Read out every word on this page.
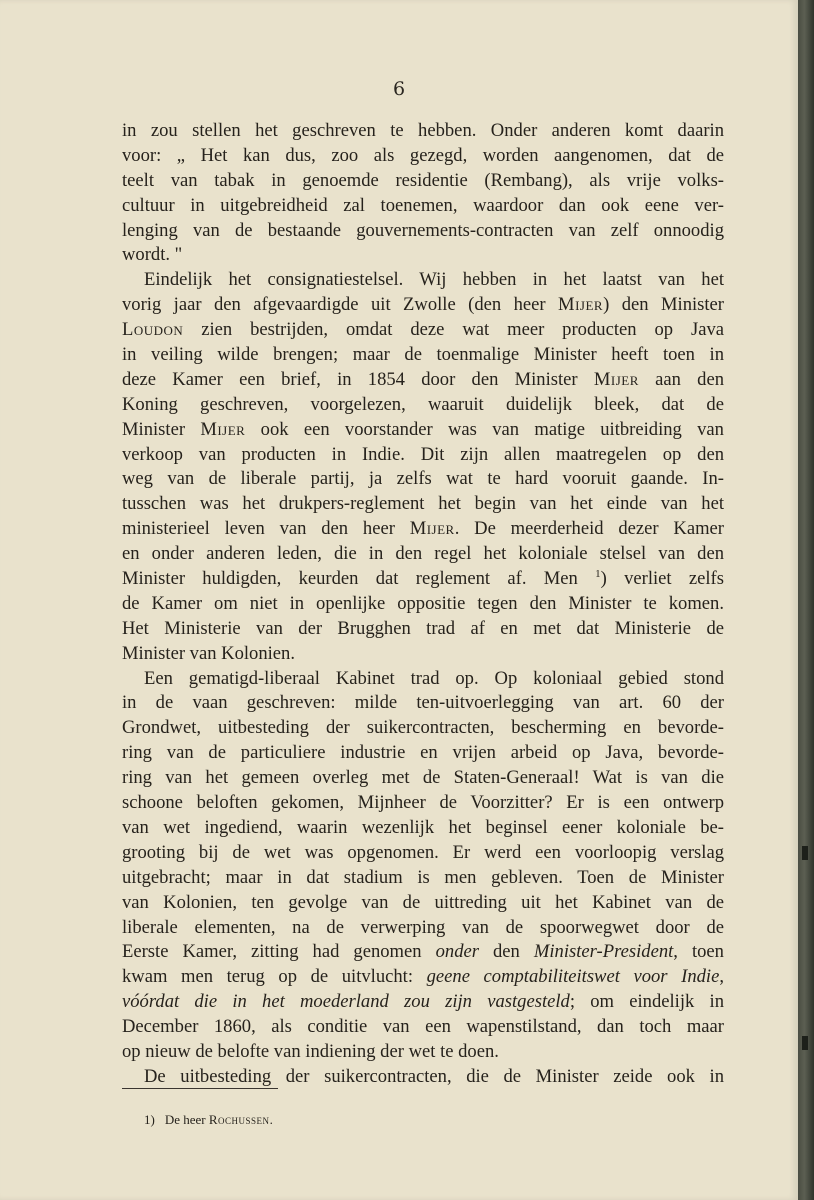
6
in zou stellen het geschreven te hebben. Onder anderen komt daarin
voor: „ Het kan dus, zoo als gezegd, worden aangenomen, dat de
teelt van tabak in genoemde residentie (Rembang), als vrije volks-
cultuur in uitgebreidheid zal toenemen, waardoor dan ook eene ver-
lenging van de bestaande gouvernements-contracten van zelf onnoodig
wordt. "
Eindelijk het consignatiestelsel. Wij hebben in het laatst van het
vorig jaar den afgevaardigde uit Zwolle (den heer Mijer) den Minister
Loudon zien bestrijden, omdat deze wat meer producten op Java
in veiling wilde brengen; maar de toenmalige Minister heeft toen in
deze Kamer een brief, in 1854 door den Minister Mijer aan den
Koning geschreven, voorgelezen, waaruit duidelijk bleek, dat de
Minister Mijer ook een voorstander was van matige uitbreiding van
verkoop van producten in Indie. Dit zijn allen maatregelen op den
weg van de liberale partij, ja zelfs wat te hard vooruit gaande. In-
tusschen was het drukpers-reglement het begin van het einde van het
ministerieel leven van den heer Mijer. De meerderheid dezer Kamer
en onder anderen leden, die in den regel het koloniale stelsel van den
Minister huldigden, keurden dat reglement af. Men $^1$) verliet zelfs
de Kamer om niet in openlijke oppositie tegen den Minister te komen.
Het Ministerie van der Brugghen trad af en met dat Ministerie de
Minister van Kolonien.
Een gematigd-liberaal Kabinet trad op. Op koloniaal gebied stond
in de vaan geschreven: milde ten-uitvoerlegging van art. 60 der
Grondwet, uitbesteding der suikercontracten, bescherming en bevorde-
ring van de particuliere industrie en vrijen arbeid op Java, bevorde-
ring van het gemeen overleg met de Staten-Generaal! Wat is van die
schoone beloften gekomen, Mijnheer de Voorzitter? Er is een ontwerp
van wet ingediend, waarin wezenlijk het beginsel eener koloniale be-
grooting bij de wet was opgenomen. Er werd een voorloopig verslag
uitgebracht; maar in dat stadium is men gebleven. Toen de Minister
van Kolonien, ten gevolge van de uittreding uit het Kabinet van de
liberale elementen, na de verwerping van de spoorwegwet door de
Eerste Kamer, zitting had genomen onder den Minister-President, toen
kwam men terug op de uitvlucht: geene comptabiliteitswet voor Indie,
vóórdat die in het moederland zou zijn vastgesteld; om eindelijk in
December 1860, als conditie van een wapenstilstand, dan toch maar
op nieuw de belofte van indiening der wet te doen.
De uitbesteding der suikercontracten, die de Minister zeide ook in
1) De heer Rochussen.
